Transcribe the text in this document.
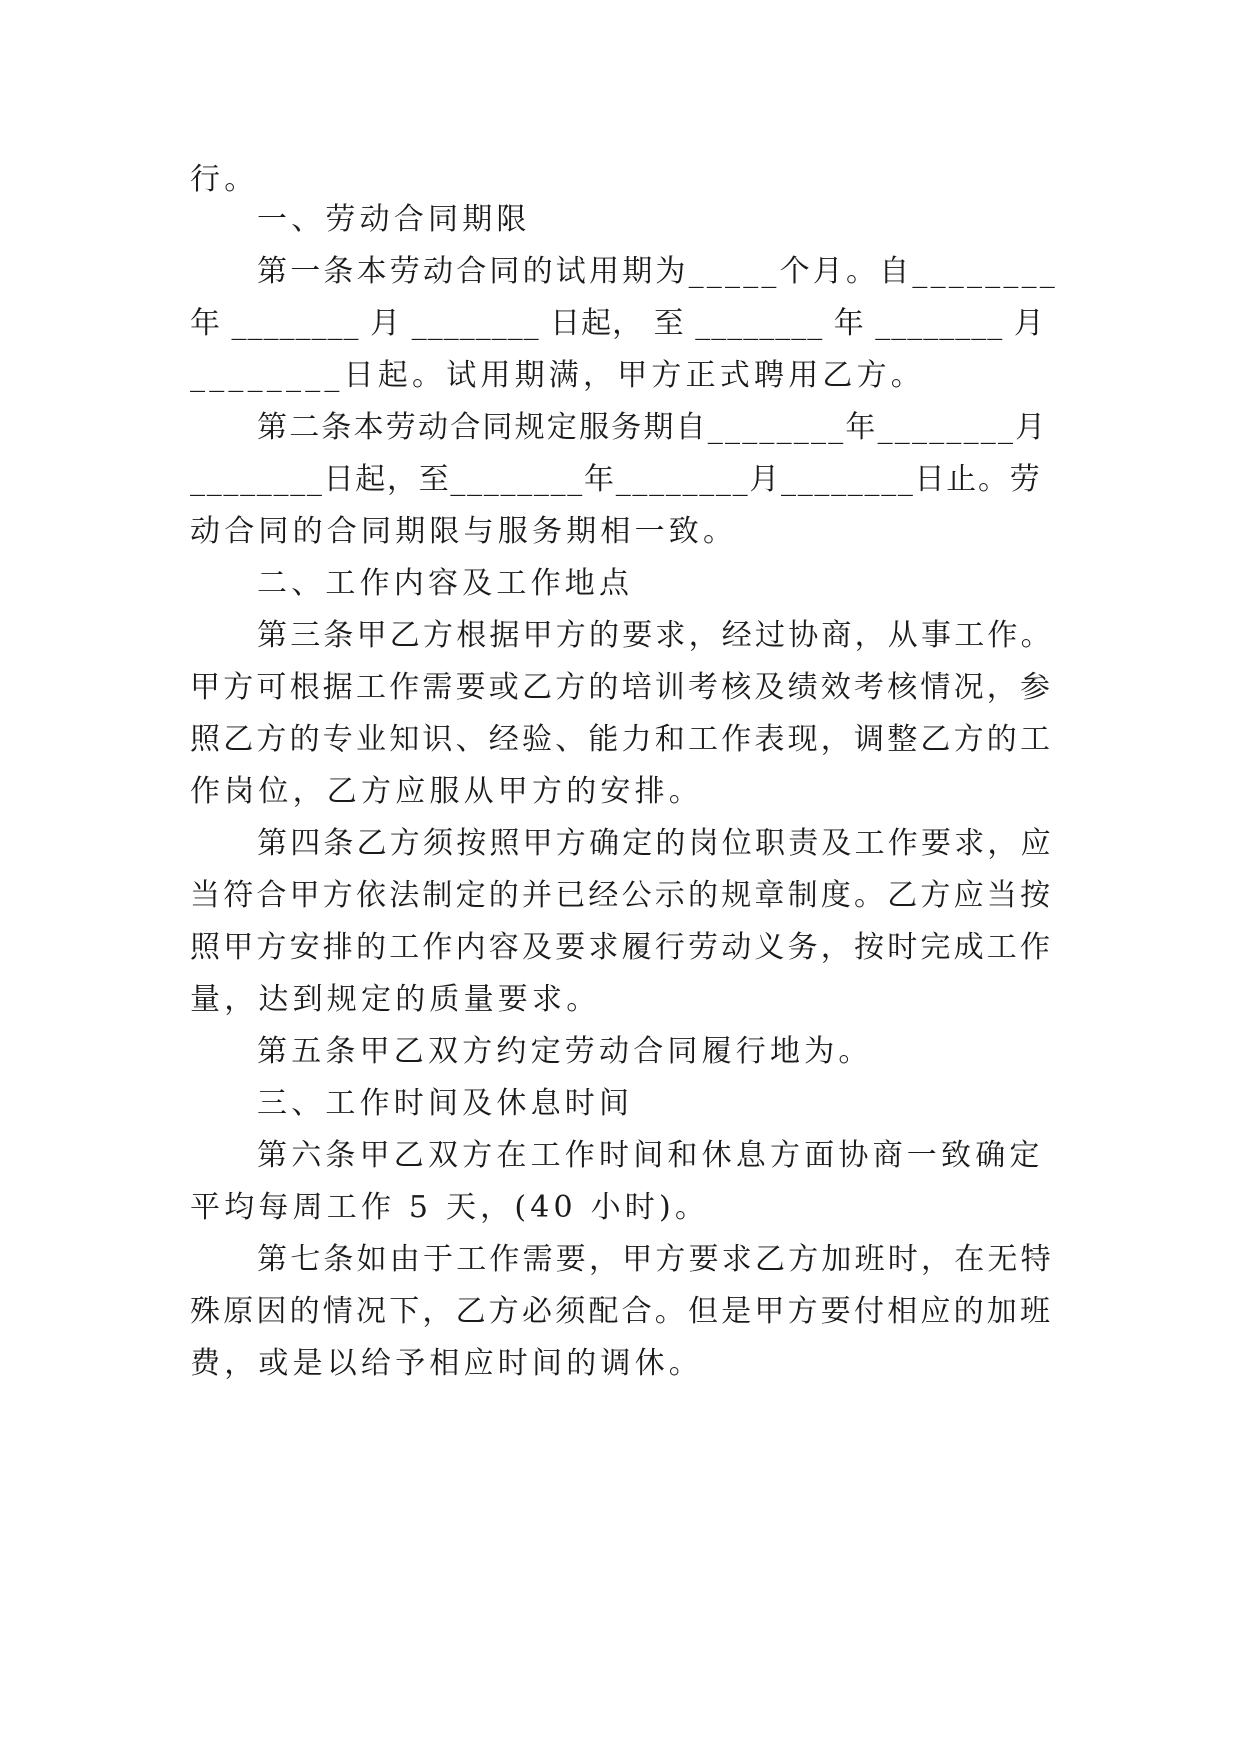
行。
一、劳动合同期限
第一条本劳动合同的试用期为_____个月。自________
年 ________ 月 ________ 日起， 至 ________ 年 ________ 月
________日起。试用期满，甲方正式聘用乙方。
第二条本劳动合同规定服务期自________年________月
________日起，至________年________月________日止。劳
动合同的合同期限与服务期相一致。
二、工作内容及工作地点
第三条甲乙方根据甲方的要求，经过协商，从事工作。
甲方可根据工作需要或乙方的培训考核及绩效考核情况，参
照乙方的专业知识、经验、能力和工作表现，调整乙方的工
作岗位，乙方应服从甲方的安排。
第四条乙方须按照甲方确定的岗位职责及工作要求，应
当符合甲方依法制定的并已经公示的规章制度。乙方应当按
照甲方安排的工作内容及要求履行劳动义务，按时完成工作
量，达到规定的质量要求。
第五条甲乙双方约定劳动合同履行地为。
三、工作时间及休息时间
第六条甲乙双方在工作时间和休息方面协商一致确定
平均每周工作 5 天，(40 小时)。
第七条如由于工作需要，甲方要求乙方加班时，在无特
殊原因的情况下，乙方必须配合。但是甲方要付相应的加班
费，或是以给予相应时间的调休。
